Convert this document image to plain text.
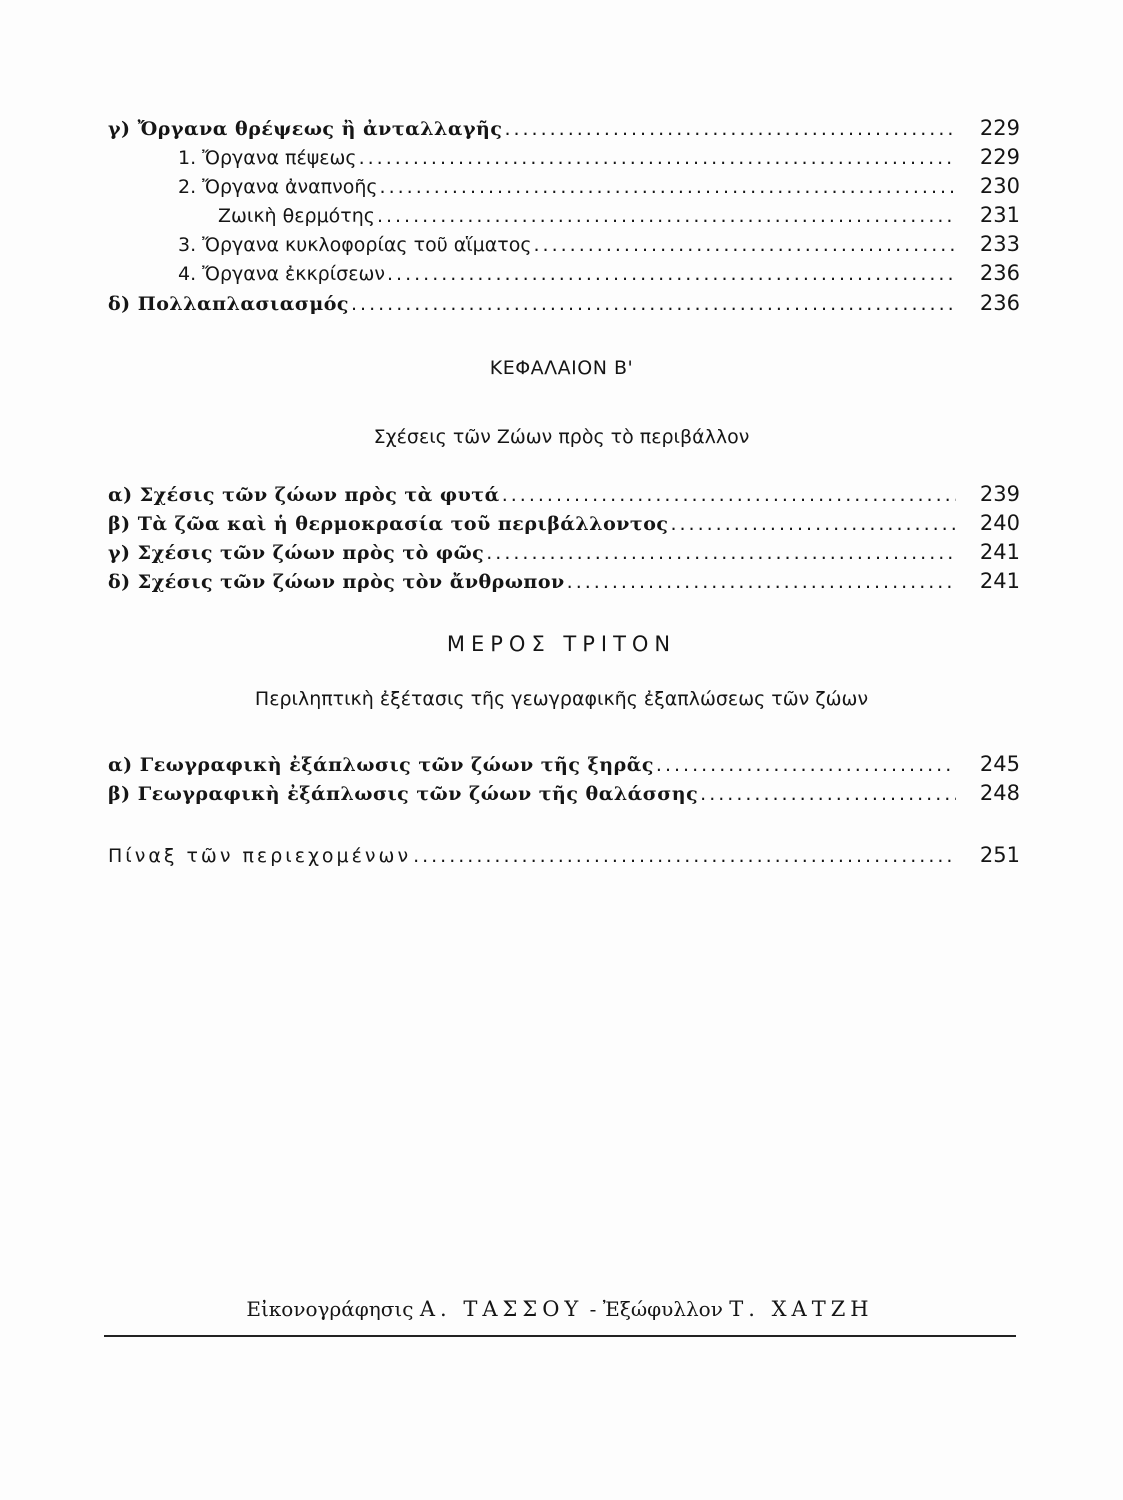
γ) Ὄργανα θρέψεως ἢ ἀνταλλαγῆς .....	229
1. Ὄργανα πέψεως .....	229
2. Ὄργανα ἀναπνοῆς .....	230
Ζωικὴ θερμότης .....	231
3. Ὄργανα κυκλοφορίας τοῦ αἵματος .....	233
4. Ὄργανα ἐκκρίσεων .....	236
δ) Πολλαπλασιασμός .....	236
ΚΕΦΑΛΑΙΟΝ Β'
Σχέσεις τῶν Ζώων πρὸς τὸ περιβάλλον
α) Σχέσις τῶν ζώων πρὸς τὰ φυτά .....	239
β) Τὰ ζῶα καὶ ἡ θερμοκρασία τοῦ περιβάλλοντος .....	240
γ) Σχέσις τῶν ζώων πρὸς τὸ φῶς .....	241
δ) Σχέσις τῶν ζώων πρὸς τὸν ἄνθρωπον .....	241
ΜΕΡΟΣ ΤΡΙΤΟΝ
Περιληπτικὴ ἐξέτασις τῆς γεωγραφικῆς ἐξαπλώσεως τῶν ζώων
α) Γεωγραφικὴ ἐξάπλωσις τῶν ζώων τῆς ξηρᾶς .....	245
β) Γεωγραφικὴ ἐξάπλωσις τῶν ζώων τῆς θαλάσσης .....	248
Πίναξ τῶν περιεχομένων .....	251
Εἰκονογράφησις Α. ΤΑΣΣΟΥ - Ἐξώφυλλον Τ. ΧΑΤΖΗ
